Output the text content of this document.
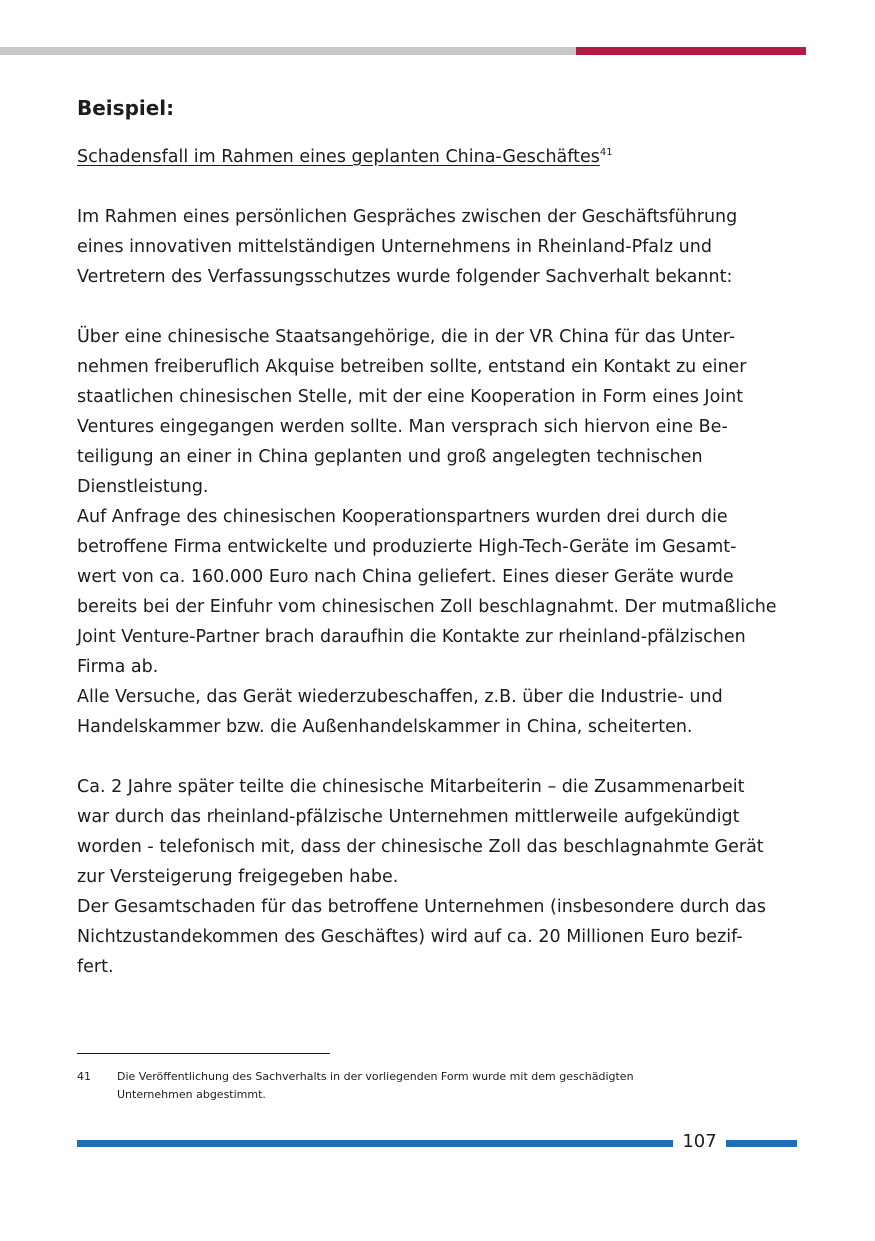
Beispiel:

Schadensfall im Rahmen eines geplanten China-Geschäftes$^{41}$

Im Rahmen eines persönlichen Gespräches zwischen der Geschäftsführung

eines innovativen mittelständigen Unternehmens in Rheinland-Pfalz und

Vertretern des Verfassungsschutzes wurde folgender Sachverhalt bekannt:

Über eine chinesische Staatsangehörige, die in der VR China für das Unter-

nehmen freiberuflich Akquise betreiben sollte, entstand ein Kontakt zu einer

staatlichen chinesischen Stelle, mit der eine Kooperation in Form eines Joint

Ventures eingegangen werden sollte. Man versprach sich hiervon eine Be-

teiligung an einer in China geplanten und groß angelegten technischen

Dienstleistung.

Auf Anfrage des chinesischen Kooperationspartners wurden drei durch die

betroffene Firma entwickelte und produzierte High-Tech-Geräte im Gesamt-

wert von ca. 160.000 Euro nach China geliefert. Eines dieser Geräte wurde

bereits bei der Einfuhr vom chinesischen Zoll beschlagnahmt. Der mutmaßliche

Joint Venture-Partner brach daraufhin die Kontakte zur rheinland-pfälzischen

Firma ab.

Alle Versuche, das Gerät wiederzubeschaffen, z.B. über die Industrie- und

Handelskammer bzw. die Außenhandelskammer in China, scheiterten.

Ca. 2 Jahre später teilte die chinesische Mitarbeiterin – die Zusammenarbeit

war durch das rheinland-pfälzische Unternehmen mittlerweile aufgekündigt

worden - telefonisch mit, dass der chinesische Zoll das beschlagnahmte Gerät

zur Versteigerung freigegeben habe.

Der Gesamtschaden für das betroffene Unternehmen (insbesondere durch das

Nichtzustandekommen des Geschäftes) wird auf ca. 20 Millionen Euro bezif-

fert.

41 Die Veröffentlichung des Sachverhalts in der vorliegenden Form wurde mit dem geschädigten
Unternehmen abgestimmt.
107
